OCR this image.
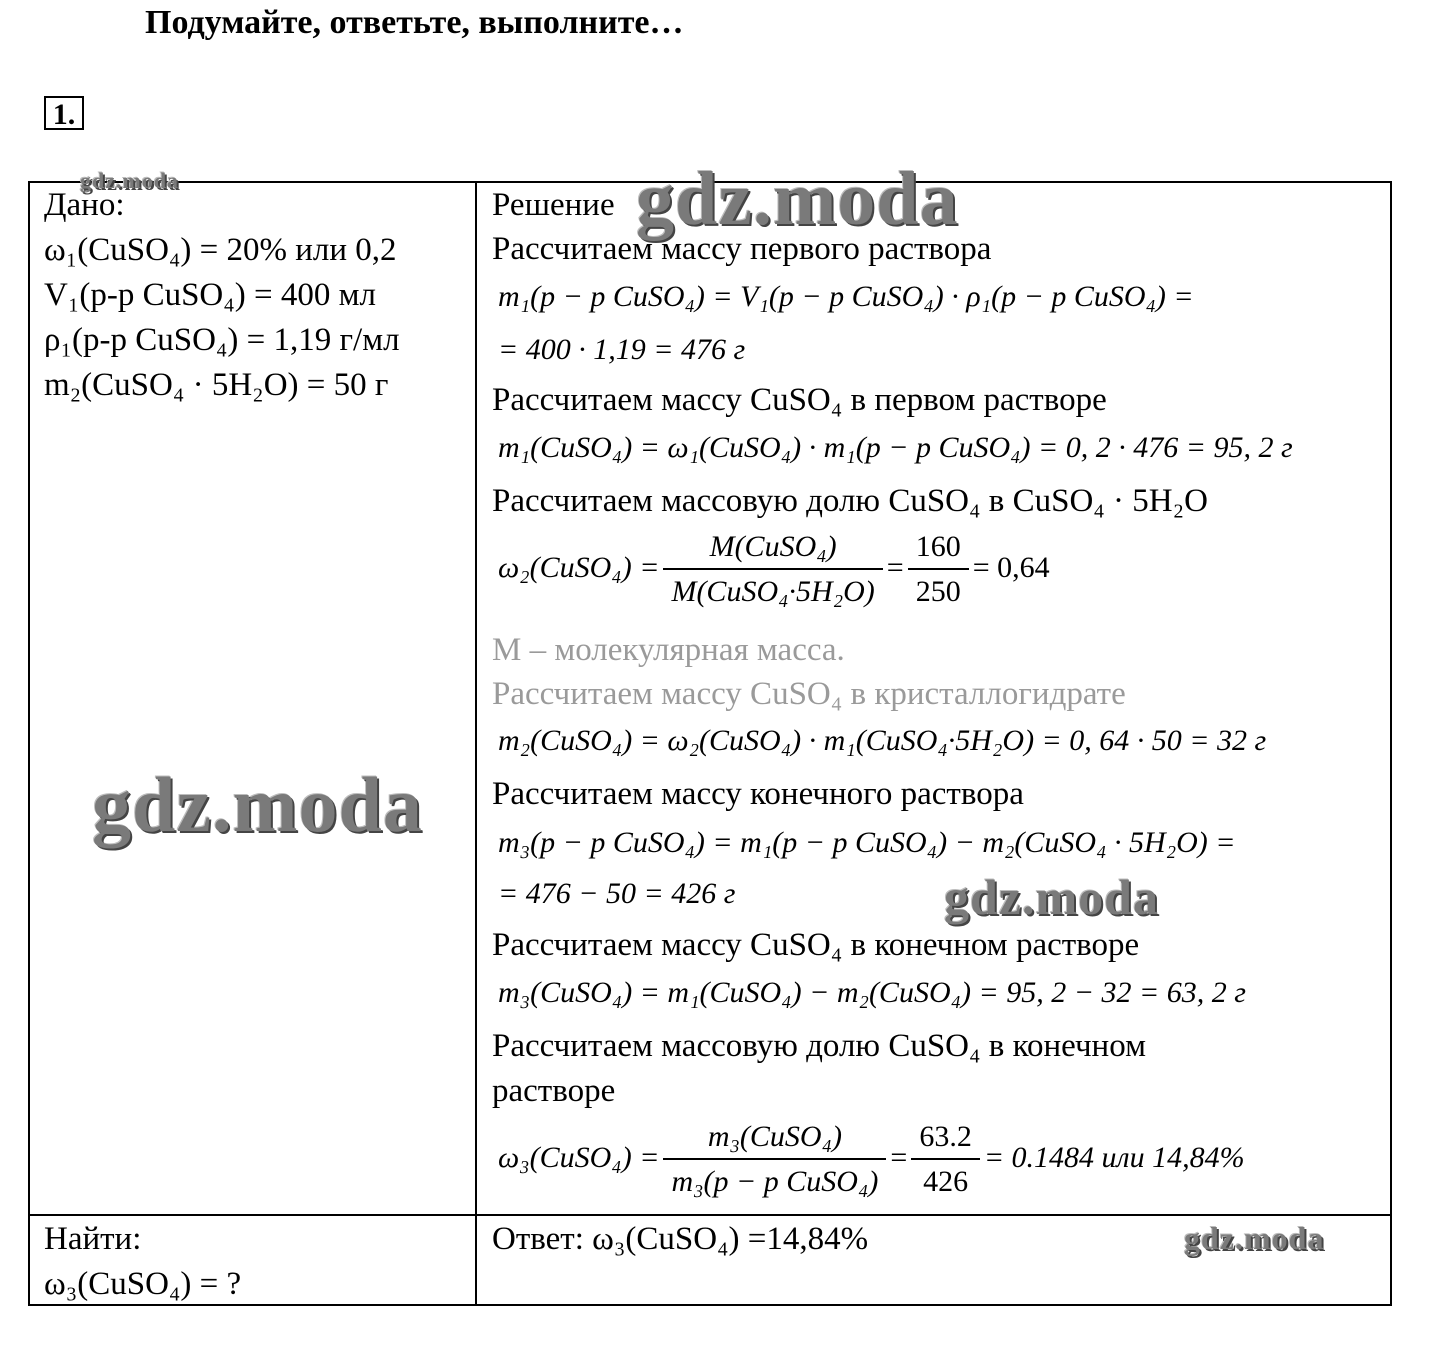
Подумайте, ответьте, выполните…
1.
Дано:
ω₁(CuSO₄) = 20% или 0,2
V₁(р-р CuSO₄) = 400 мл
ρ₁(р-р CuSO₄) = 1,19 г/мл
m₂(CuSO₄ · 5H₂O) = 50 г
Найти:
ω₃(CuSO₄) = ?
Решение
Рассчитаем массу первого раствора
m₁(р − р CuSO₄) = V₁(р − р CuSO₄) · ρ₁(р − р CuSO₄) =
= 400 · 1,19 = 476 г
Рассчитаем массу CuSO₄ в первом растворе
m₁(CuSO₄) = ω₁(CuSO₄) · m₁(р − р CuSO₄) = 0, 2 · 476 = 95, 2 г
Рассчитаем массовую долю CuSO₄ в CuSO₄ · 5H₂O
ω₂(CuSO₄) = $\frac{\text{M(CuSO₄)}}{\text{M(CuSO₄·5H₂O)}} = \frac{160}{250} = 0,64$
M – молекулярная масса.
Рассчитаем массу CuSO₄ в кристаллогидрате
m₂(CuSO₄) = ω₂(CuSO₄) · m₁(CuSO₄·5H₂O) = 0, 64 · 50 = 32 г
Рассчитаем массу конечного раствора
m₃(р − р CuSO₄) = m₁(р − р CuSO₄) − m₂(CuSO₄ · 5H₂O) =
= 476 − 50 = 426 г
Рассчитаем массу CuSO₄ в конечном растворе
m₃(CuSO₄) = m₁(CuSO₄) − m₂(CuSO₄) = 95, 2 − 32 = 63, 2 г
Рассчитаем массовую долю CuSO₄ в конечном
растворе
ω₃(CuSO₄) = $\frac{\text{m₃(CuSO₄)}}{\text{m₃(р − р CuSO₄)}} = \frac{63.2}{426} = 0.1484$ или 14,84%
Ответ: ω₃(CuSO₄) =14,84%
gdz.moda	gdz.moda
gdz.moda
gdz.moda
gdz.moda
